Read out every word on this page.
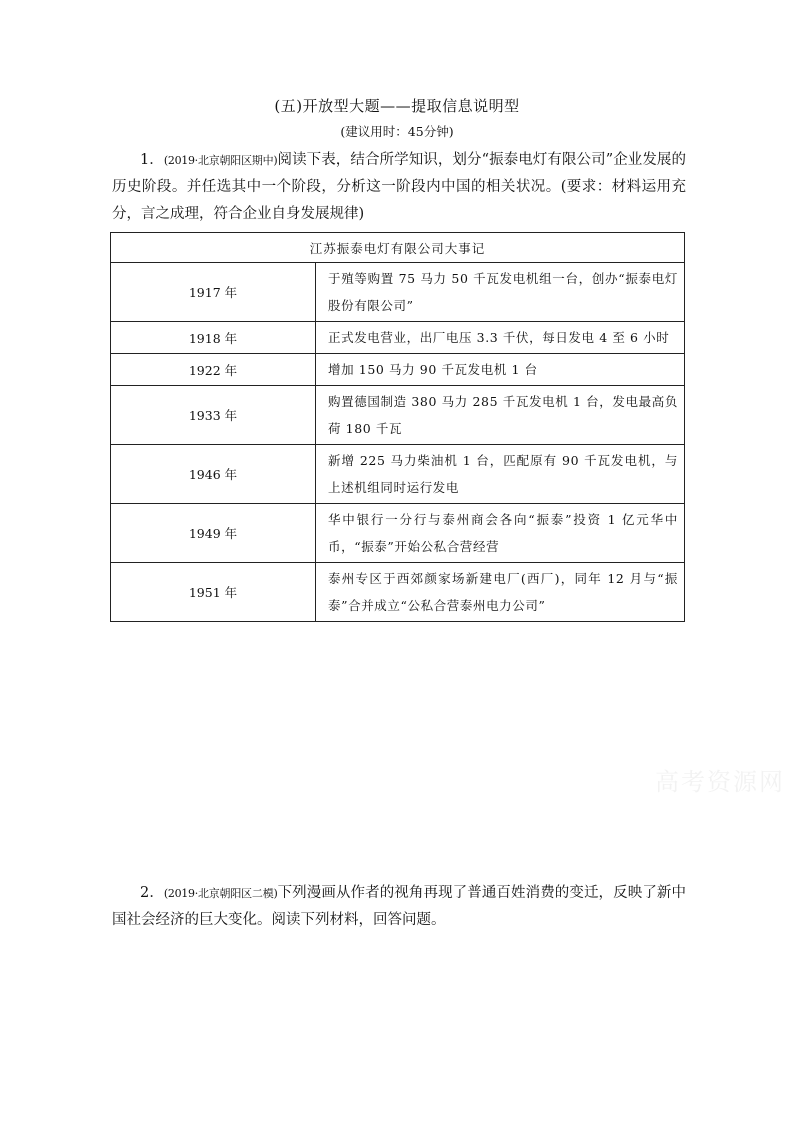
(五)开放型大题——提取信息说明型
(建议用时：45分钟)
1．(2019·北京朝阳区期中)阅读下表，结合所学知识，划分“振泰电灯有限公司”企业发展的历史阶段。并任选其中一个阶段，分析这一阶段内中国的相关状况。(要求：材料运用充分，言之成理，符合企业自身发展规律)
江苏振泰电灯有限公司大事记	
1917 年	于殖等购置 75 马力 50 千瓦发电机组一台，创办“振泰电灯股份有限公司”
1918 年	正式发电营业，出厂电压 3.3 千伏，每日发电 4 至 6 小时
1922 年	增加 150 马力 90 千瓦发电机 1 台
1933 年	购置德国制造 380 马力 285 千瓦发电机 1 台，发电最高负荷 180 千瓦
1946 年	新增 225 马力柴油机 1 台，匹配原有 90 千瓦发电机，与上述机组同时运行发电
1949 年	华中银行一分行与泰州商会各向“振泰”投资 1 亿元华中币，“振泰”开始公私合营经营
1951 年	泰州专区于西郊颜家场新建电厂(西厂)，同年 12 月与“振泰”合并成立“公私合营泰州电力公司”
高考资源网
2．(2019·北京朝阳区二模)下列漫画从作者的视角再现了普通百姓消费的变迁，反映了新中国社会经济的巨大变化。阅读下列材料，回答问题。
